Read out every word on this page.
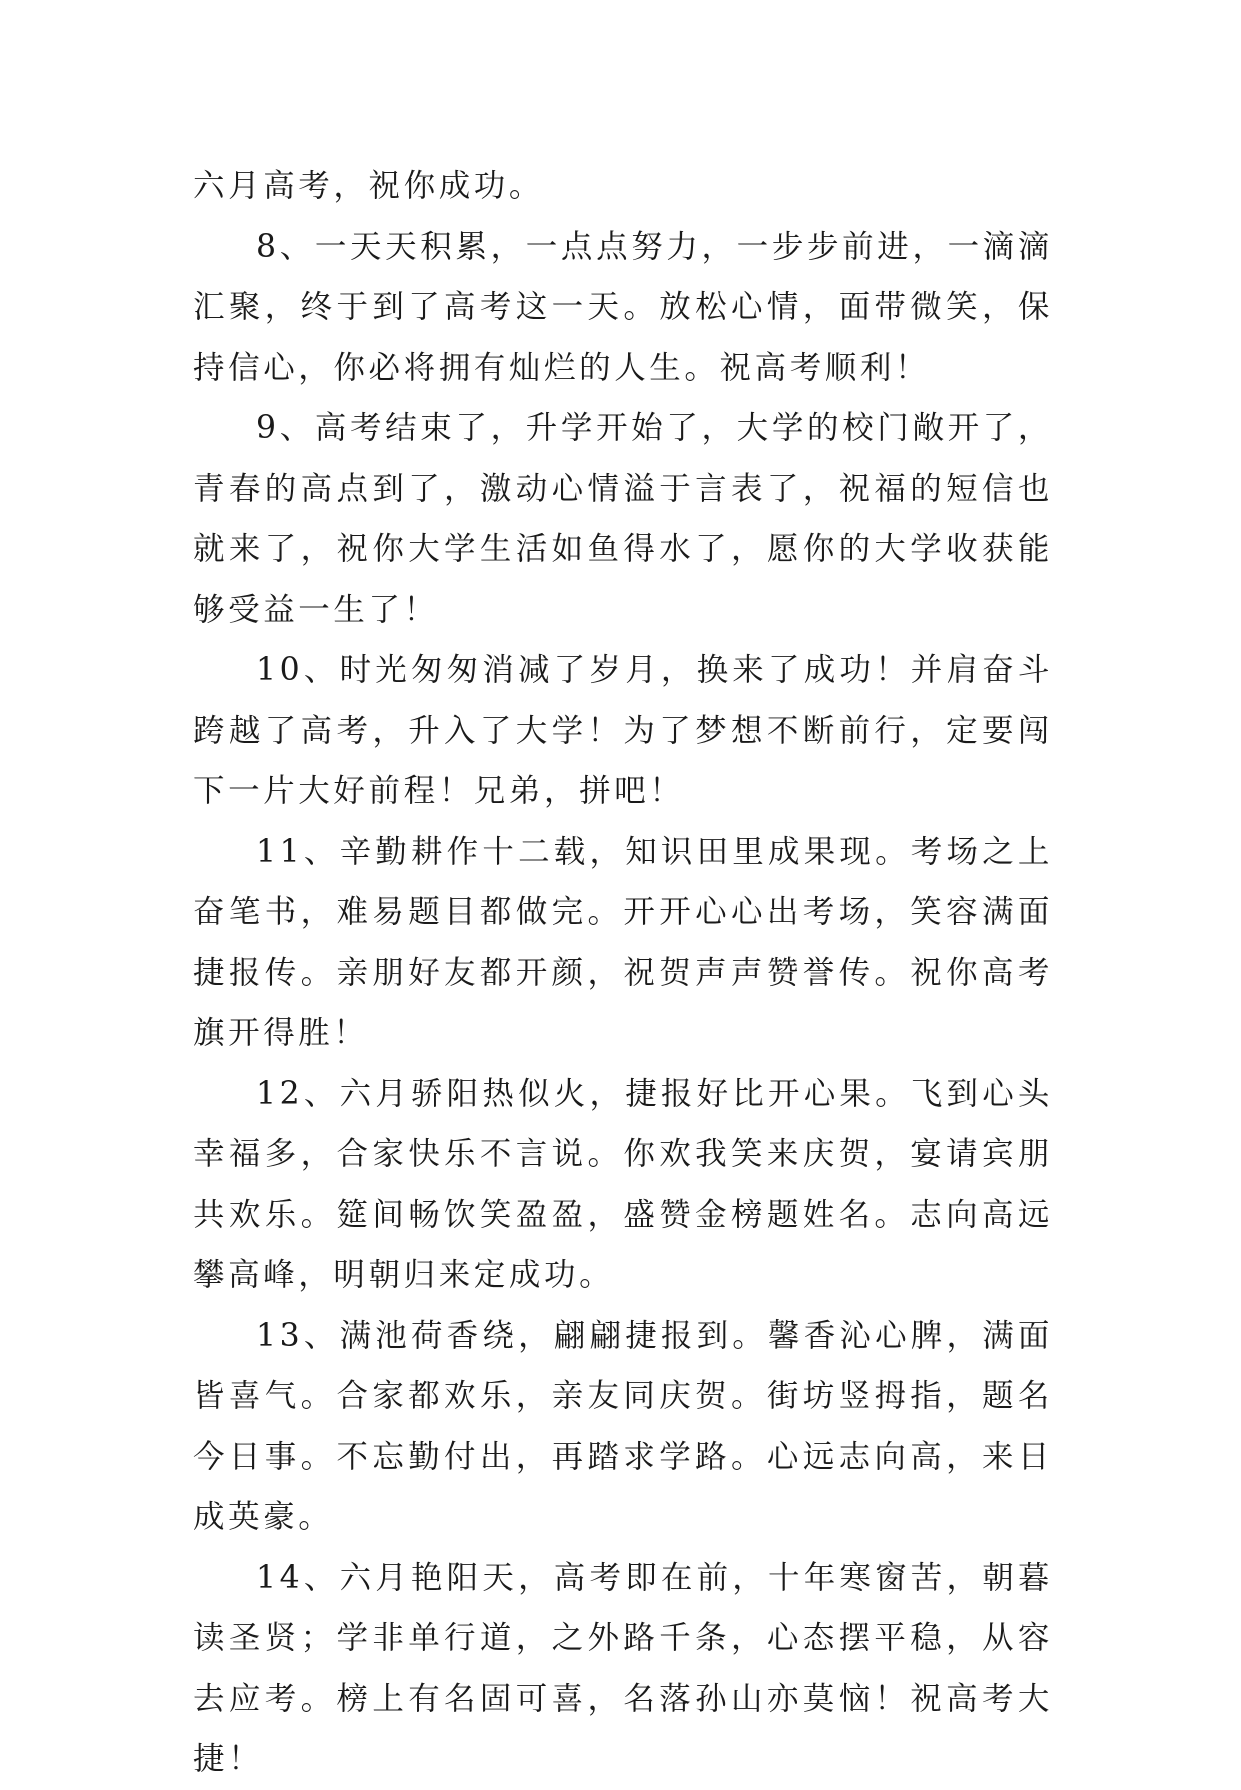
六月高考，祝你成功。

8、一天天积累，一点点努力，一步步前进，一滴滴汇聚，终于到了高考这一天。放松心情，面带微笑，保持信心，你必将拥有灿烂的人生。祝高考顺利！

9、高考结束了，升学开始了，大学的校门敞开了，青春的高点到了，激动心情溢于言表了，祝福的短信也就来了，祝你大学生活如鱼得水了，愿你的大学收获能够受益一生了！

10、时光匆匆消减了岁月，换来了成功！并肩奋斗跨越了高考，升入了大学！为了梦想不断前行，定要闯下一片大好前程！兄弟，拼吧！

11、辛勤耕作十二载，知识田里成果现。考场之上奋笔书，难易题目都做完。开开心心出考场，笑容满面捷报传。亲朋好友都开颜，祝贺声声赞誉传。祝你高考旗开得胜！

12、六月骄阳热似火，捷报好比开心果。飞到心头幸福多，合家快乐不言说。你欢我笑来庆贺，宴请宾朋共欢乐。筵间畅饮笑盈盈，盛赞金榜题姓名。志向高远攀高峰，明朝归来定成功。

13、满池荷香绕，翩翩捷报到。馨香沁心脾，满面皆喜气。合家都欢乐，亲友同庆贺。街坊竖拇指，题名今日事。不忘勤付出，再踏求学路。心远志向高，来日成英豪。

14、六月艳阳天，高考即在前，十年寒窗苦，朝暮读圣贤；学非单行道，之外路千条，心态摆平稳，从容去应考。榜上有名固可喜，名落孙山亦莫恼！祝高考大捷！
